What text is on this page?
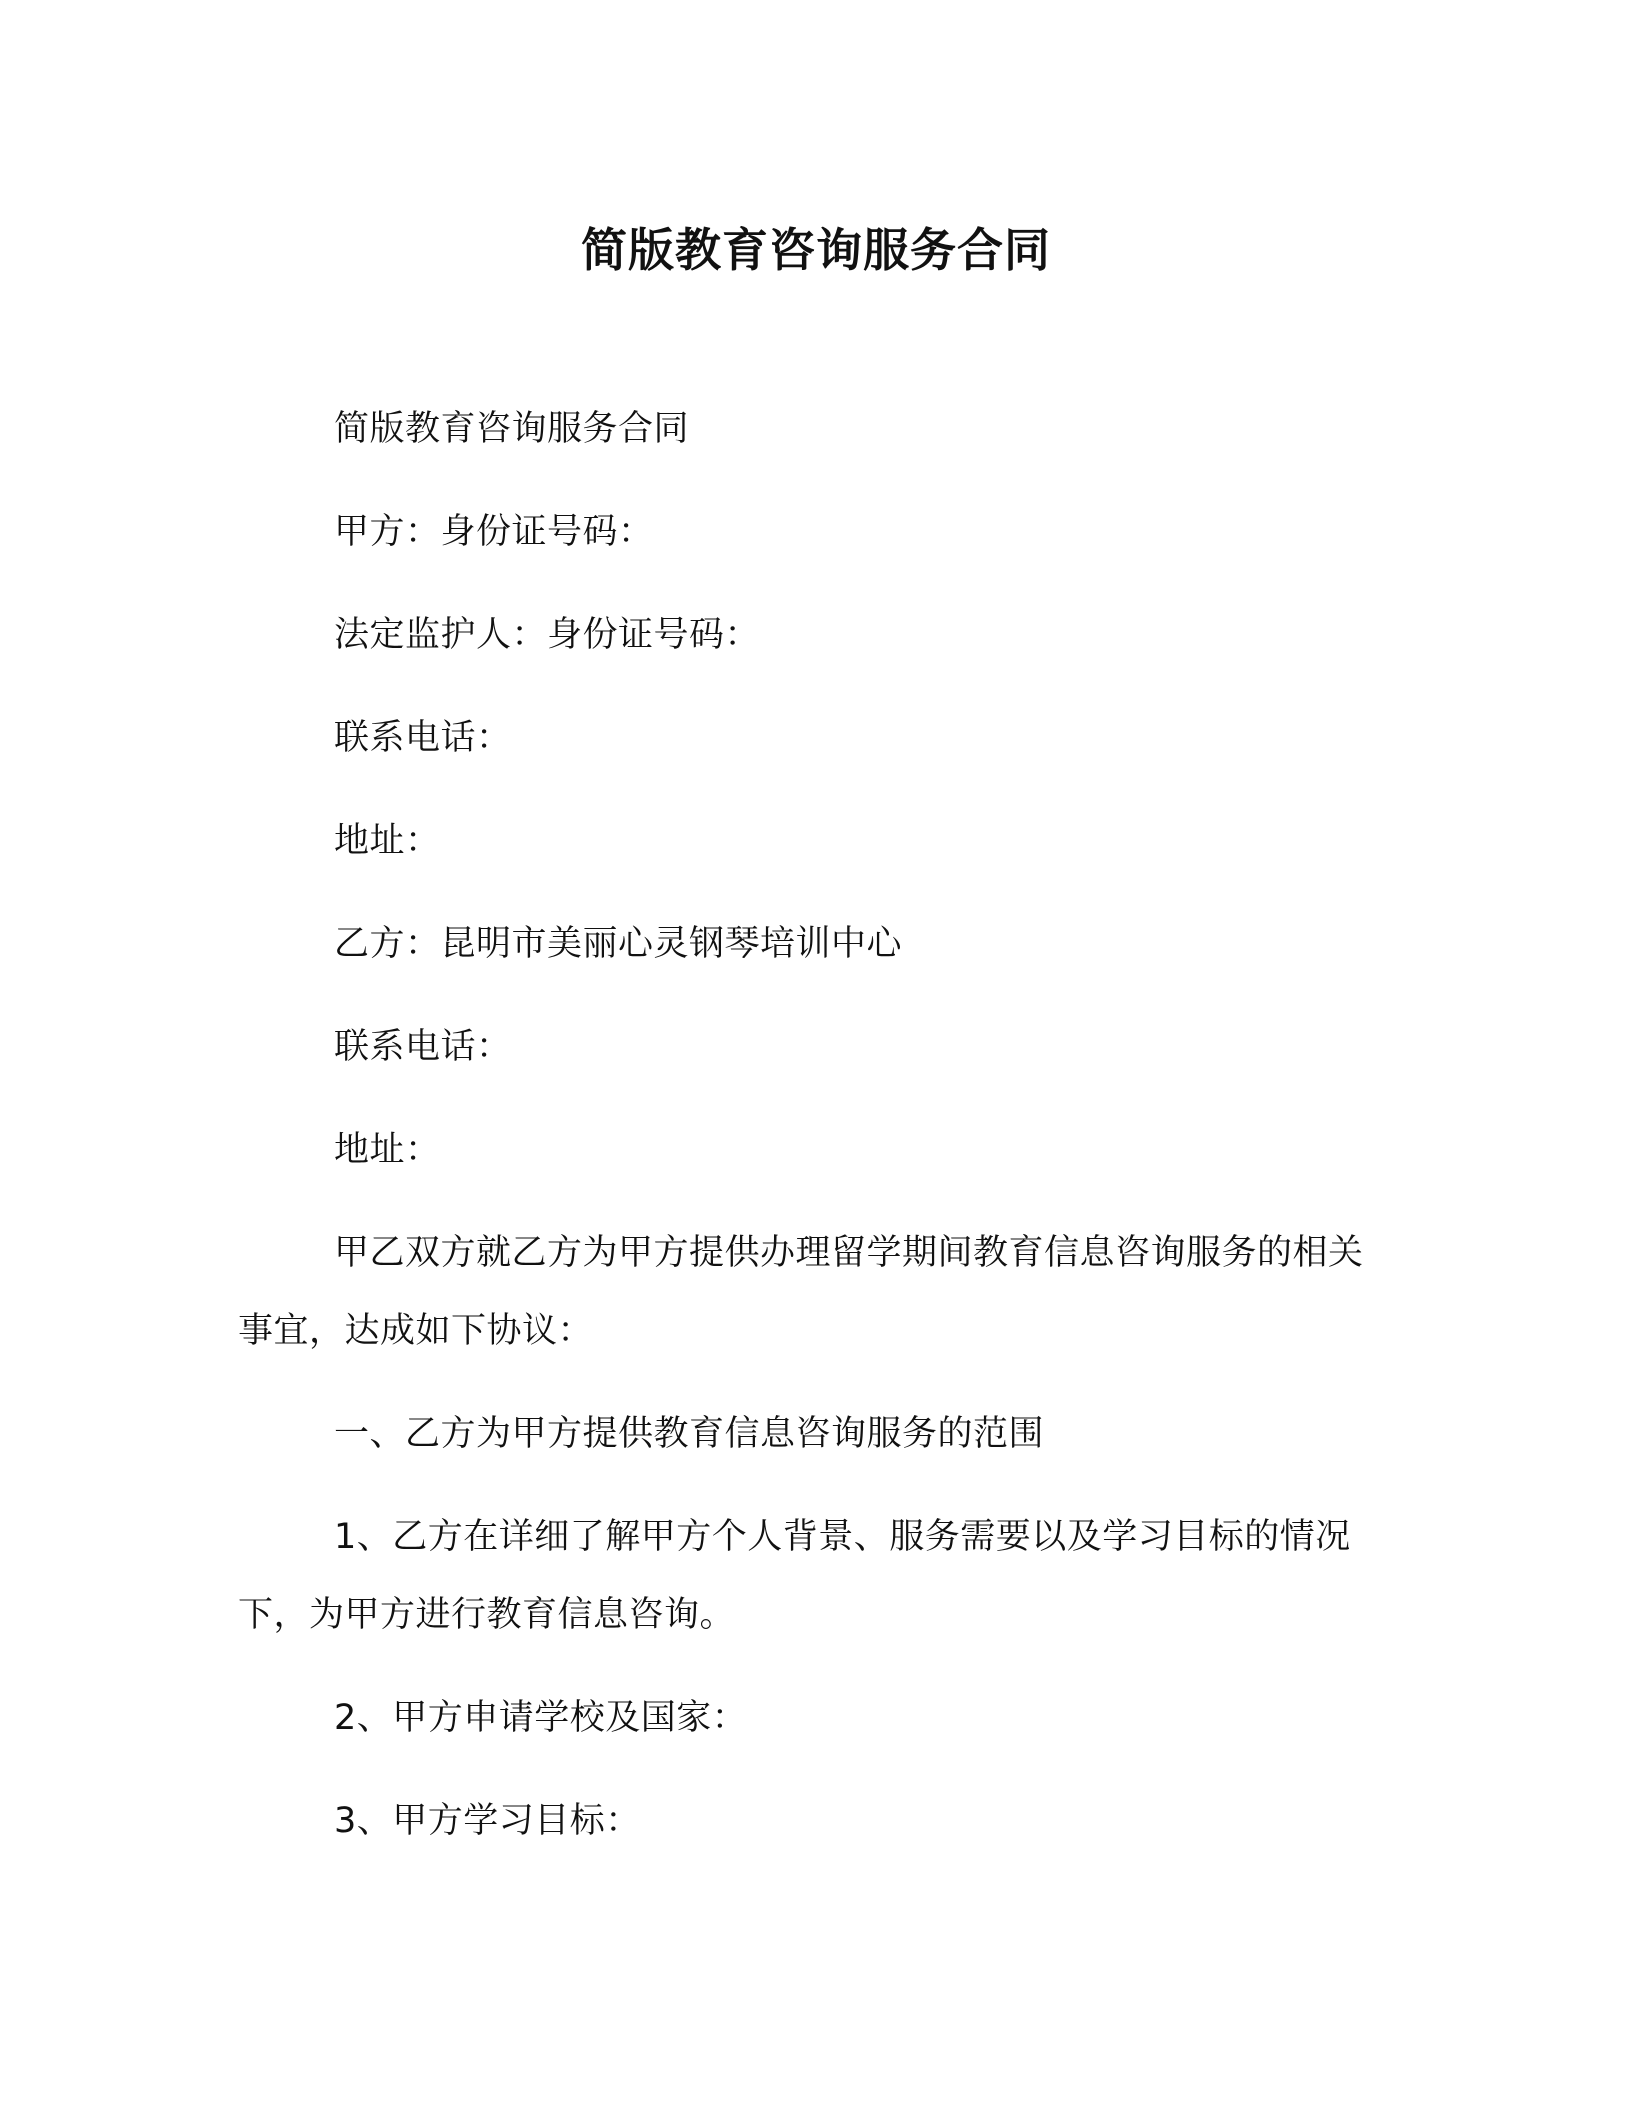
简版教育咨询服务合同

简版教育咨询服务合同

甲方：身份证号码：

法定监护人：身份证号码：

联系电话：

地址：

乙方：昆明市美丽心灵钢琴培训中心

联系电话：

地址：

甲乙双方就乙方为甲方提供办理留学期间教育信息咨询服务的相关事宜，达成如下协议：

一、乙方为甲方提供教育信息咨询服务的范围

1、乙方在详细了解甲方个人背景、服务需要以及学习目标的情况下，为甲方进行教育信息咨询。

2、甲方申请学校及国家：

3、甲方学习目标：
